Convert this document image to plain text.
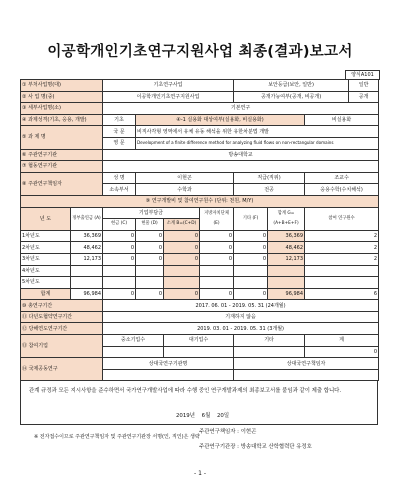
이공학개인기초연구지원사업 최종(결과)보고서
양식A101
① 부처사업명(대)		기초연구사업				보안등급(보안, 일반)			일반
② 사 업 명(중)		이공학개인기초연구지원사업				공개가능여부(공개, 비공개)			공개
③ 세부사업명(소)		기본연구							
④ 과제성격(기초, 응용, 개발)		기초	④-1 실용화 대상여부(실용화, 비실용화)					비실용화	
⑤ 과 제 명		국 문	비직사각형 영역에서 유체 유동 해석을 위한 유한차분법 개발						
		영 문	Development of a finite difference method for analyzing fluid flows on non-rectangular domains						
⑥ 주관연구기관		방송대학교							
⑦ 협동연구기관									
⑧ 주관연구책임자		성 명	이현곤			직급(직위)		조교수	
		소속부서	수학과			전공		응용수학(수치해석)	
⑨ 연구개발비 및 참여연구원수 (단위: 천원, M/Y)									
년 도	정부출연금 (A)	기업부담금			지방자치단체 (E)	기타 (F)	합계 G=(A+B+E+F)	참여 연구원수	
		현금 (C)	현물 (D)	소계 B=(C+D)					
1차년도	36,369	0	0	0	0	0	36,369	2	
2차년도	48,462	0	0	0	0	0	48,462	2	
3차년도	12,173	0	0	0	0	0	12,173	2	
4차년도									
5차년도									
합계	96,984	0	0	0	0	0	96,984	6	
⑩ 총연구기간		2017. 06. 01 - 2019. 05. 31 (24개월)							
⑪ 다년도협약연구기간		기재하지 않음							
⑫ 당해연도연구기간		2019. 03. 01 - 2019. 05. 31 (3개월)							
⑬ 참여기업		중소기업수		대기업수		기타		계	
								0	
⑭ 국제공동연구		상대국연구기관명				상대국연구책임자			

※ 전자접수이므로 주관연구책임자 및 주관연구기관장 서명(인, 직인)은 생략
- 1 -
관계 규정과 모든 지시사항을 준수하면서 국가연구개발사업에 따라 수행 중인 연구개발과제의 최종보고서를 붙임과 같이 제출 합니다.
2019년 6월 20일
주관연구책임자 : 이현곤
주관연구기관장 : 방송대학교 산학협력단 유정호
